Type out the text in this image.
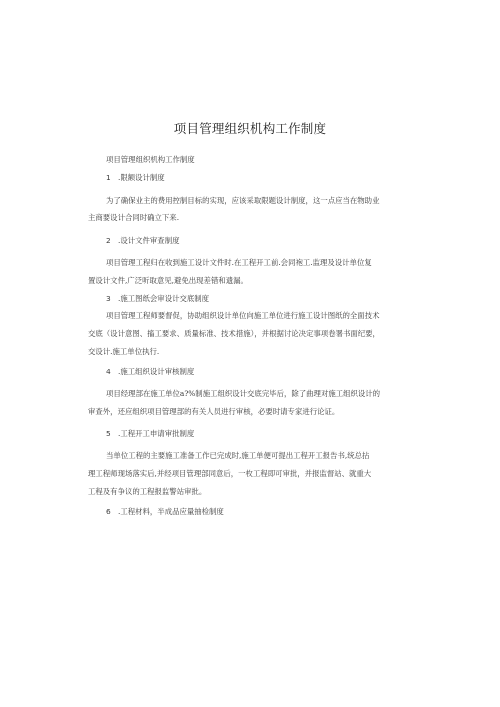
项目管理组织机构工作制度
项目管理组织机构工作制度
1 .限额设计制度
为了确保业主的费用控制目标的实现，应该采取限题设计制度，这一点应当在物助业
主商要设计合同时确立下来.
2 .设计文件审查制度
项目管理工程归在收到施工设计文件时.在工程开工前.会同袍工.监理及设计单位复
置设计文件,广泛听取意见,避免出现差错和遗漏。
3 .施工图纸会审设计交底制度
项目管理工程师要督促，协助组织设计单位向施工单位进行施工设计图纸的全面技术
交底（设计意图、搐工要求、质量标准、技术措施），并根据讨论决定事项卷署书面纪要，
交设计.施工单位执行.
4 .施工组织设计审核制度
项目经理部在施工单位a?%制施工组织设计交底完毕后，除了曲理对施工组织设计的
审查外，还应组织项目管理部的有关人员进行审核，必要时请专家进行论证。
5 .工程开工申请审批制度
当单位工程的主要施工准备工作已完成时,施工单便可提出工程开工报告书,统总拈
理工程师现场落实后,并经项目管理部同意后，一枚工程即可审批，并报监督站、就重大
工程及有争议的工程报监警站审批。
6 .工程材料，半成品应量抽检制度
